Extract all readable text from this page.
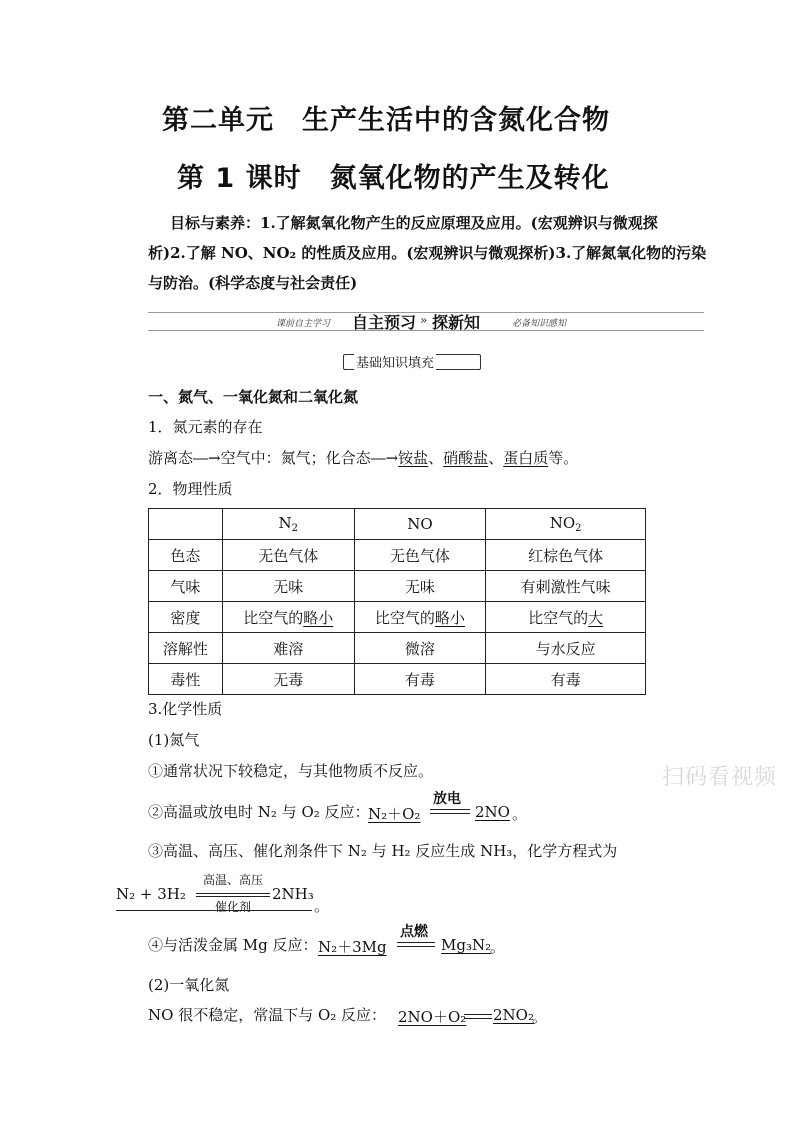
第二单元　生产生活中的含氮化合物
第 1 课时　氮氧化物的产生及转化
目标与素养：1.了解氮氧化物产生的反应原理及应用。(宏观辨识与微观探
析)2.了解 NO、NO₂ 的性质及应用。(宏观辨识与微观探析)3.了解氮氧化物的污染
与防治。(科学态度与社会责任)
课前自主学习 自主预习 » 探新知	必备知识感知
基础知识填充
一、氮气、一氧化氮和二氧化氮
1．氮元素的存在
游离态―→空气中：氮气；化合态―→铵盐、硝酸盐、蛋白质等。
2．物理性质
	$N_2$	NO	$NO_2$
色态	无色气体	无色气体	红棕色气体
气味	无味	无味	有刺激性气味
密度	比空气的略小	比空气的略小	比空气的大
溶解性	难溶	微溶	与水反应
毒性	无毒	有毒	有毒
3.化学性质
(1)氮气
①通常状况下较稳定，与其他物质不反应。
②高温或放电时 N₂ 与 O₂ 反应：
N₂＋O₂
放电
2NO 。
③高温、高压、催化剂条件下 N₂ 与 H₂ 反应生成 NH₃，化学方程式为
N₂ + 3H₂
高温、高压
催化剂
2NH₃
。
④与活泼金属 Mg 反应： N₂＋3Mg
点燃
Mg₃N₂
。
(2)一氧化氮
NO 很不稳定，常温下与 O₂ 反应： 2NO＋O₂ 2NO₂
。
扫码看视频
